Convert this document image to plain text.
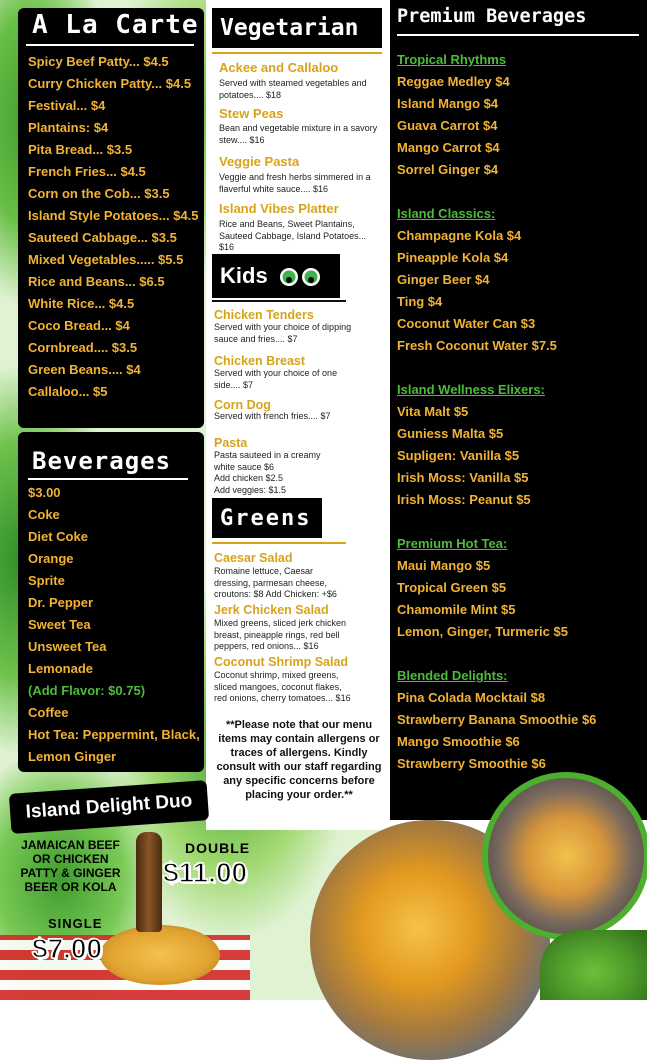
A La Carte
Spicy Beef Patty... $4.5
Curry Chicken Patty... $4.5
Festival... $4
Plantains: $4
Pita Bread... $3.5
French Fries... $4.5
Corn on the Cob... $3.5
Island Style Potatoes... $4.5
Sauteed Cabbage... $3.5
Mixed Vegetables..... $5.5
Rice and Beans... $6.5
White Rice... $4.5
Coco Bread... $4
Cornbread.... $3.5
Green Beans.... $4
Callaloo... $5
Beverages
$3.00
Coke
Diet Coke
Orange
Sprite
Dr. Pepper
Sweet Tea
Unsweet Tea
Lemonade
(Add Flavor: $0.75)
Coffee
Hot Tea: Peppermint, Black,
Lemon Ginger
Vegetarian
Ackee and Callaloo
Served with steamed vegetables and potatoes.... $18
Stew Peas
Bean and vegetable mixture in a savory stew.... $16
Veggie Pasta
Veggie and fresh herbs simmered in a flaverful white sauce.... $16
Island Vibes Platter
Rice and Beans, Sweet Plantains, Sauteed Cabbage, Island Potatoes... $16
Kids
Chicken Tenders
Served with your choice of dipping sauce and fries.... $7
Chicken Breast
Served with your choice of one side.... $7
Corn Dog
Served with french fries.... $7
Pasta
Pasta sauteed in a creamy white sauce $6
Add chicken $2.5
Add veggies: $1.5
Greens
Caesar Salad
Romaine lettuce, Caesar dressing, parmesan cheese, croutons: $8 Add Chicken: +$6
Jerk Chicken Salad
Mixed greens, sliced jerk chicken breast, pineapple rings, red bell peppers, red onions... $16
Coconut Shrimp Salad
Coconut shrimp, mixed greens, sliced mangoes, coconut flakes, red onions, cherry tomatoes... $16
**Please note that our menu items may contain allergens or traces of allergens. Kindly consult with our staff regarding any specific concerns before placing your order.**
Premium Beverages
Tropical Rhythms
Reggae Medley $4
Island Mango $4
Guava Carrot $4
Mango Carrot $4
Sorrel Ginger $4
Island Classics:
Champagne Kola $4
Pineapple Kola $4
Ginger Beer $4
Ting $4
Coconut Water Can $3
Fresh Coconut Water $7.5
Island Wellness Elixers:
Vita Malt $5
Guniess Malta $5
Supligen: Vanilla $5
Irish Moss: Vanilla $5
Irish Moss: Peanut $5
Premium Hot Tea:
Maui Mango $5
Tropical Green $5
Chamomile Mint $5
Lemon, Ginger, Turmeric $5
Blended Delights:
Pina Colada Mocktail $8
Strawberry Banana Smoothie $6
Mango Smoothie $6
Strawberry Smoothie $6
Island Delight Duo
JAMAICAN BEEF
OR CHICKEN
PATTY & GINGER
BEER OR KOLA
DOUBLE
$11.00
SINGLE
$7.00
